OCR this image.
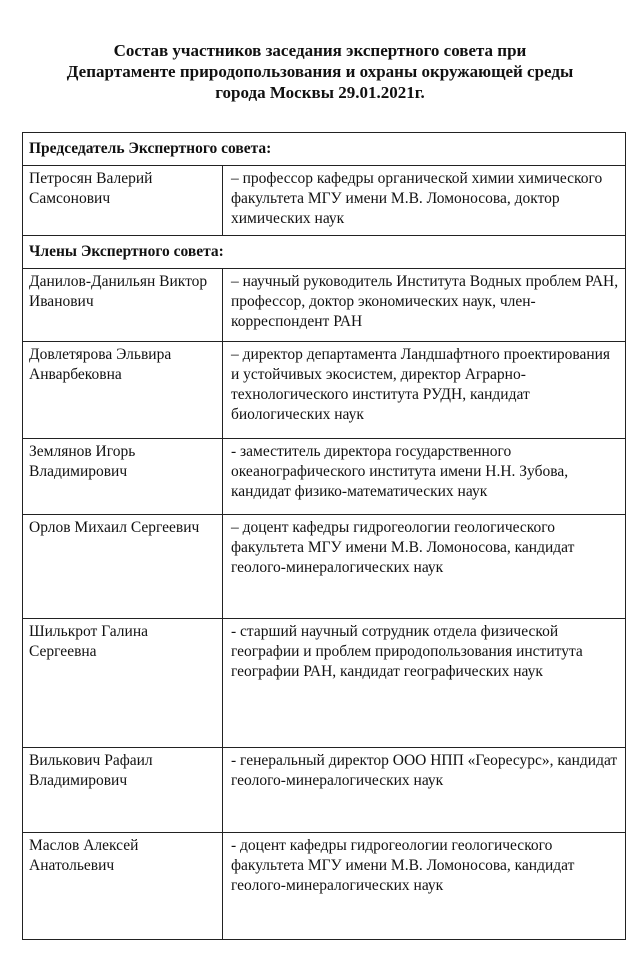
Состав участников заседания экспертного совета при
Департаменте природопользования и охраны окружающей среды
города Москвы 29.01.2021г.
Председатель Экспертного совета:	
Петросян Валерий Самсонович	– профессор кафедры органической химии химического факультета МГУ имени М.В. Ломоносова, доктор химических наук
Члены Экспертного совета:	
Данилов-Данильян Виктор Иванович	– научный руководитель Института Водных проблем РАН, профессор, доктор экономических наук, член-корреспондент РАН
Довлетярова Эльвира Анварбековна	– директор департамента Ландшафтного проектирования и устойчивых экосистем, директор Аграрно-технологического института РУДН, кандидат биологических наук
Землянов Игорь Владимирович	- заместитель директора государственного океанографического института имени Н.Н. Зубова, кандидат физико-математических наук
Орлов Михаил Сергеевич	– доцент кафедры гидрогеологии геологического факультета МГУ имени М.В. Ломоносова, кандидат геолого-минералогических наук
Шилькрот Галина Сергеевна	- старший научный сотрудник отдела физической географии и проблем природопользования института географии РАН, кандидат географических наук
Вилькович Рафаил Владимирович	- генеральный директор ООО НПП «Георесурс», кандидат геолого-минералогических наук
Маслов Алексей Анатольевич	- доцент кафедры гидрогеологии геологического факультета МГУ имени М.В. Ломоносова, кандидат геолого-минералогических наук
